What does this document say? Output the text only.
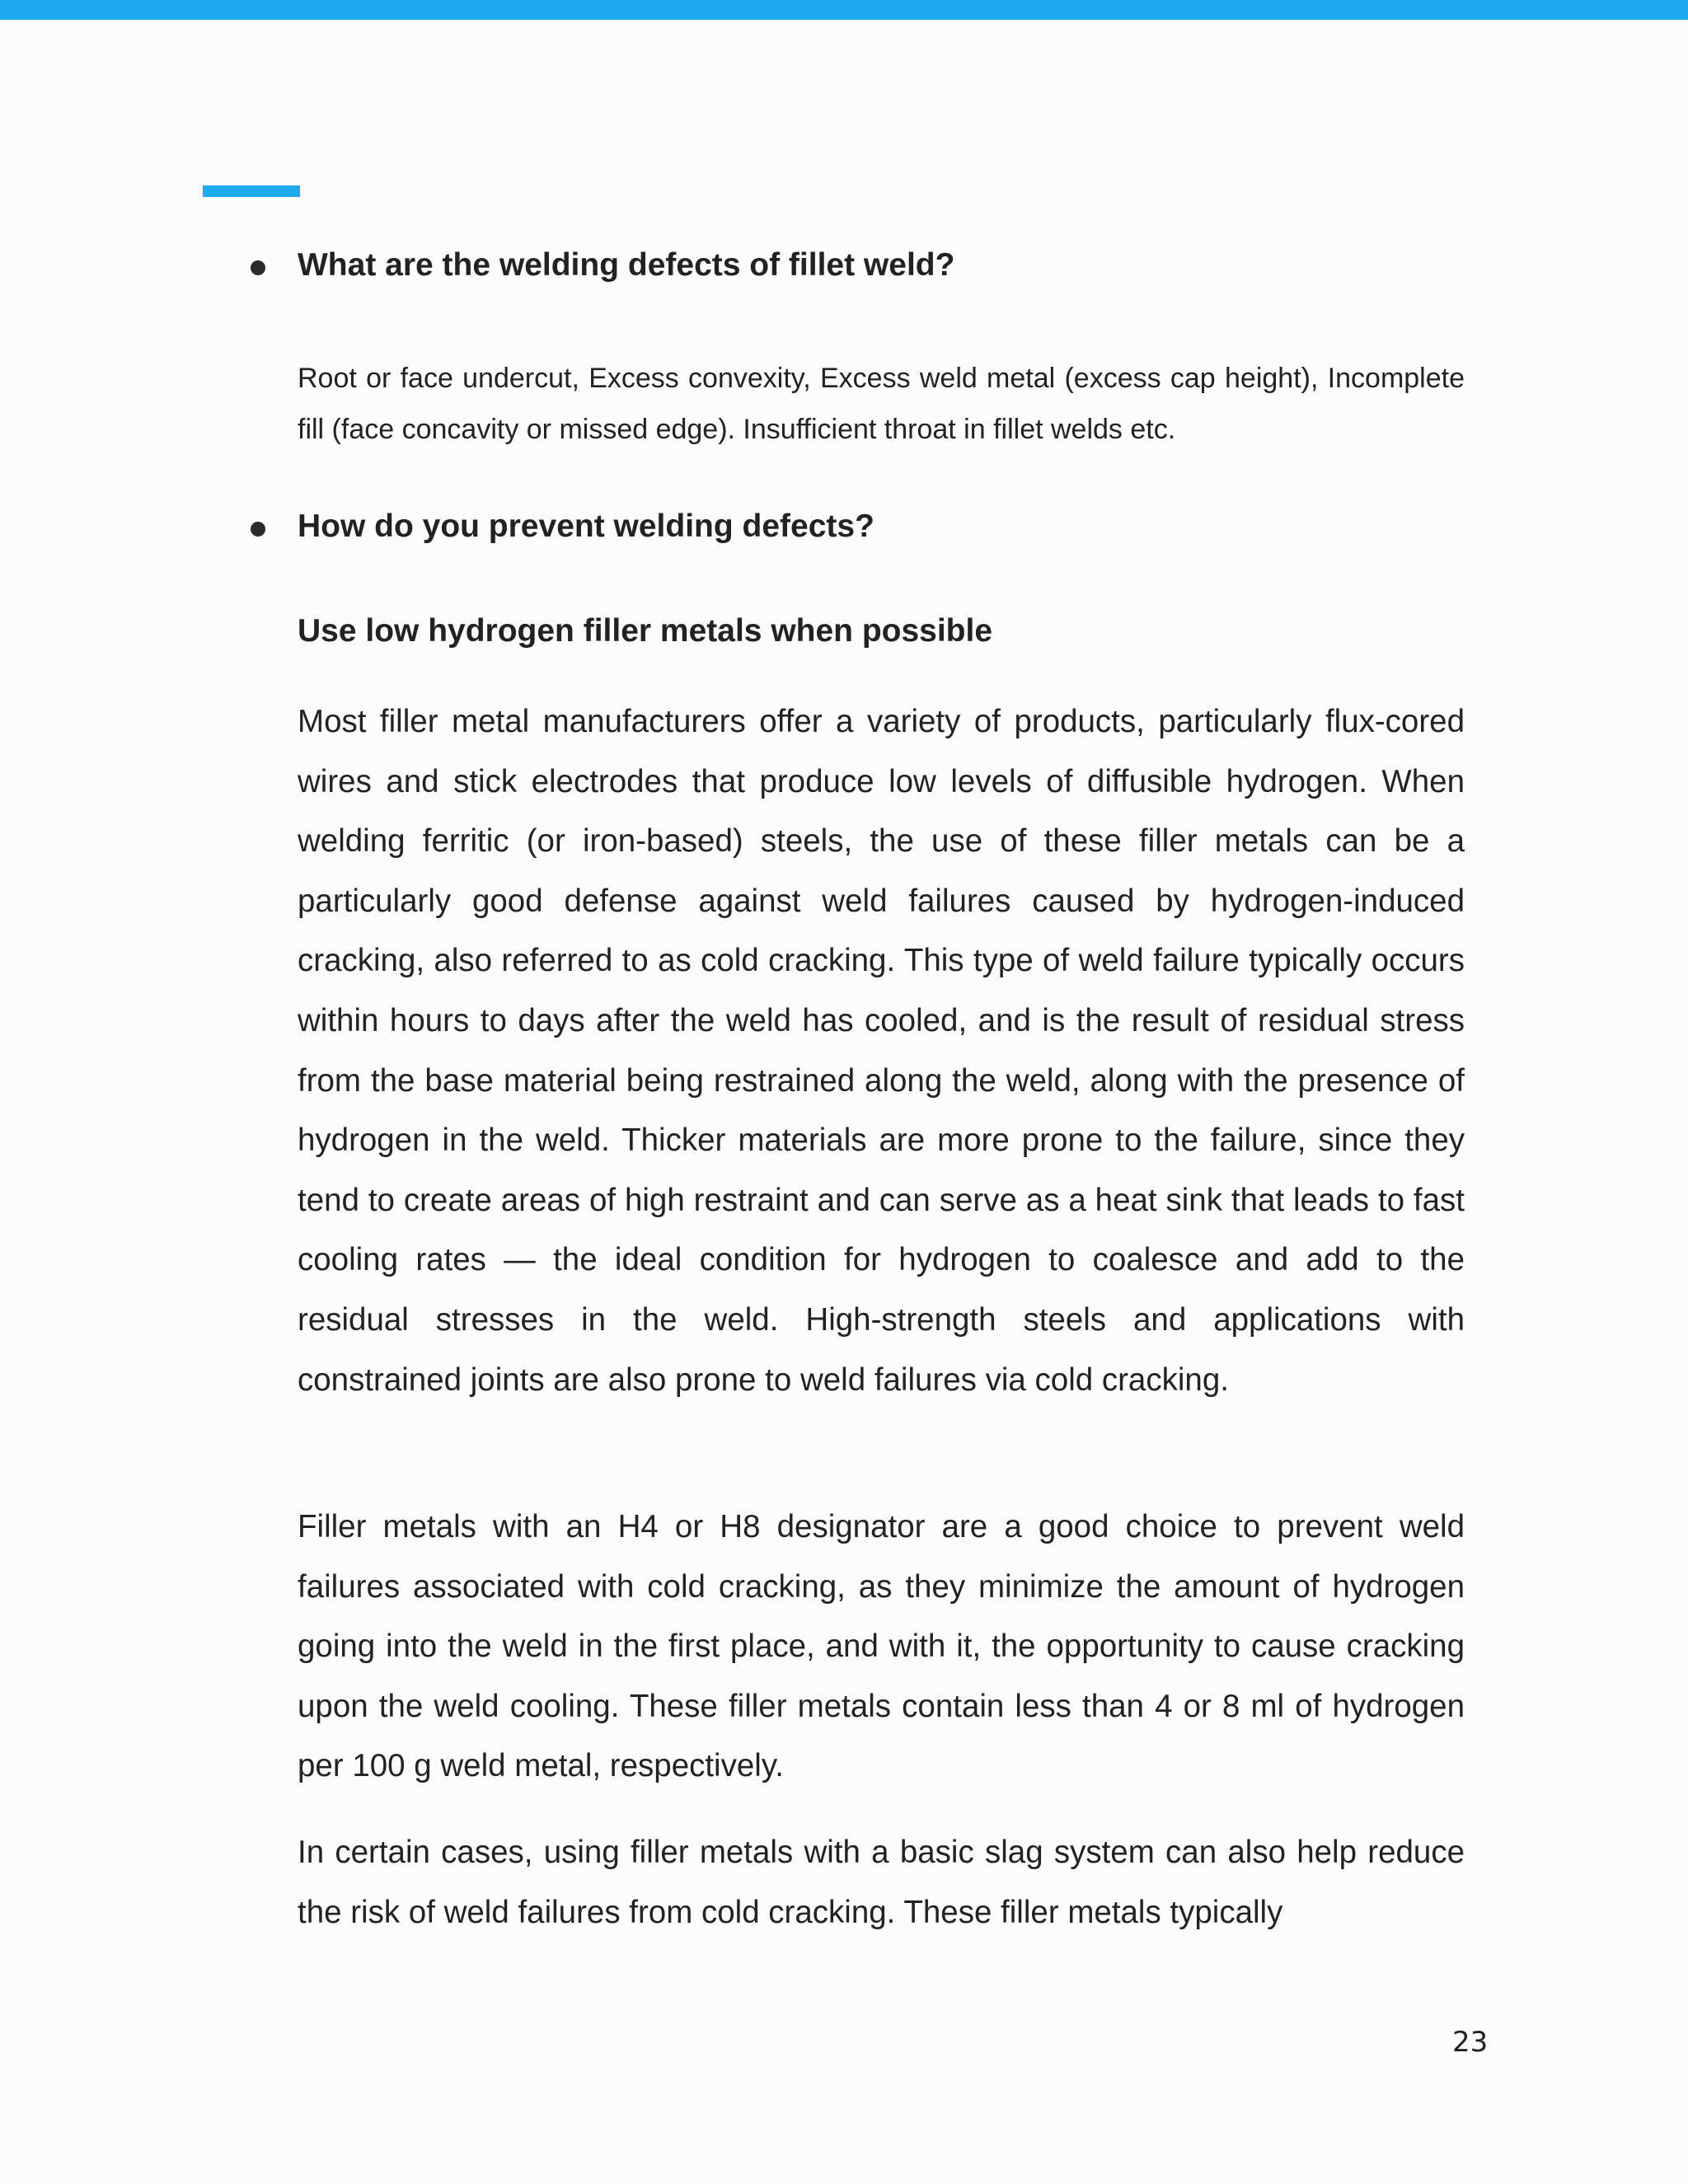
What are the welding defects of fillet weld?
Root or face undercut, Excess convexity, Excess weld metal (excess cap height), Incomplete fill (face concavity or missed edge). Insufficient throat in fillet welds etc.
How do you prevent welding defects?
Use low hydrogen filler metals when possible

Most filler metal manufacturers offer a variety of products, particularly flux-cored wires and stick electrodes that produce low levels of diffusible hydrogen. When welding ferritic (or iron-based) steels, the use of these filler metals can be a particularly good defense against weld failures caused by hydrogen-induced cracking, also referred to as cold cracking. This type of weld failure typically occurs within hours to days after the weld has cooled, and is the result of residual stress from the base material being restrained along the weld, along with the presence of hydrogen in the weld. Thicker materials are more prone to the failure, since they tend to create areas of high restraint and can serve as a heat sink that leads to fast cooling rates — the ideal condition for hydrogen to coalesce and add to the residual stresses in the weld. High-strength steels and applications with constrained joints are also prone to weld failures via cold cracking.

Filler metals with an H4 or H8 designator are a good choice to prevent weld failures associated with cold cracking, as they minimize the amount of hydrogen going into the weld in the first place, and with it, the opportunity to cause cracking upon the weld cooling. These filler metals contain less than 4 or 8 ml of hydrogen per 100 g weld metal, respectively.

In certain cases, using filler metals with a basic slag system can also help reduce the risk of weld failures from cold cracking. These filler metals typically

23
